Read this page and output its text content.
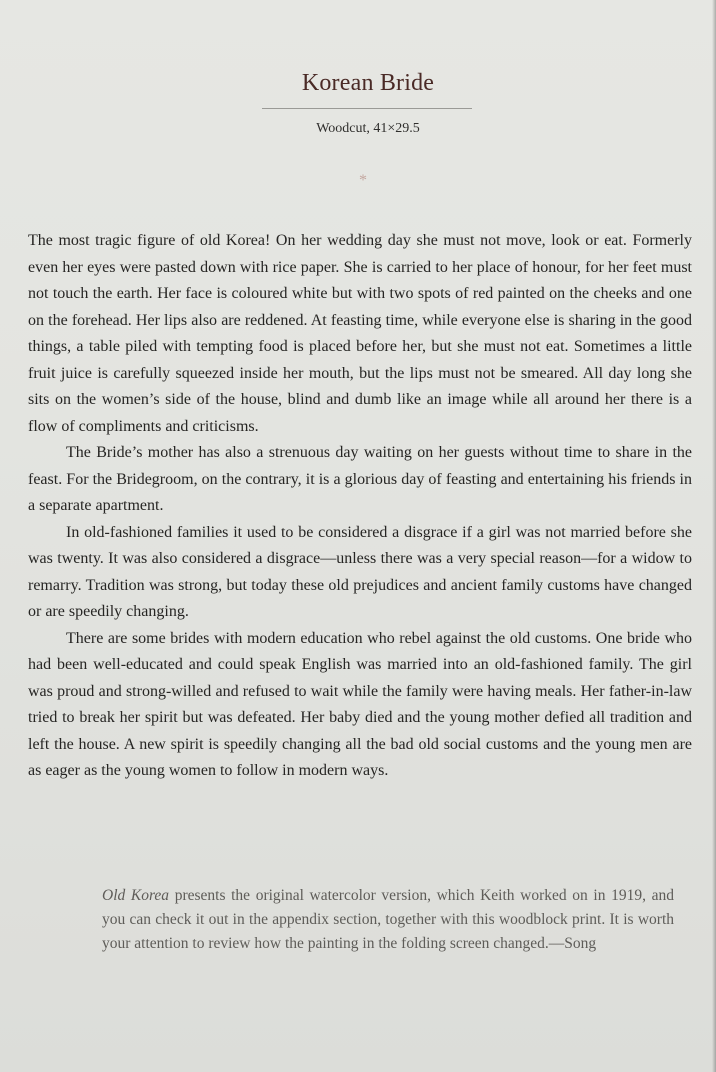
Korean Bride
Woodcut, 41×29.5
*

The most tragic figure of old Korea! On her wedding day she must not move, look or eat. Formerly even her eyes were pasted down with rice paper. She is carried to her place of honour, for her feet must not touch the earth. Her face is coloured white but with two spots of red painted on the cheeks and one on the forehead. Her lips also are reddened. At feasting time, while everyone else is sharing in the good things, a table piled with tempting food is placed before her, but she must not eat. Sometimes a little fruit juice is carefully squeezed inside her mouth, but the lips must not be smeared. All day long she sits on the women’s side of the house, blind and dumb like an image while all around her there is a flow of compliments and criticisms.

The Bride’s mother has also a strenuous day waiting on her guests without time to share in the feast. For the Bridegroom, on the contrary, it is a glorious day of feasting and entertaining his friends in a separate apartment.

In old-fashioned families it used to be considered a disgrace if a girl was not married before she was twenty. It was also considered a disgrace—unless there was a very special reason—for a widow to remarry. Tradition was strong, but today these old prejudices and ancient family customs have changed or are speedily changing.

There are some brides with modern education who rebel against the old customs. One bride who had been well-educated and could speak English was married into an old-fashioned family. The girl was proud and strong-willed and refused to wait while the family were having meals. Her father-in-law tried to break her spirit but was defeated. Her baby died and the young mother defied all tradition and left the house. A new spirit is speedily changing all the bad old social customs and the young men are as eager as the young women to follow in modern ways.

Old Korea presents the original watercolor version, which Keith worked on in 1919, and you can check it out in the appendix section, together with this woodblock print. It is worth your attention to review how the painting in the folding screen changed.—Song
